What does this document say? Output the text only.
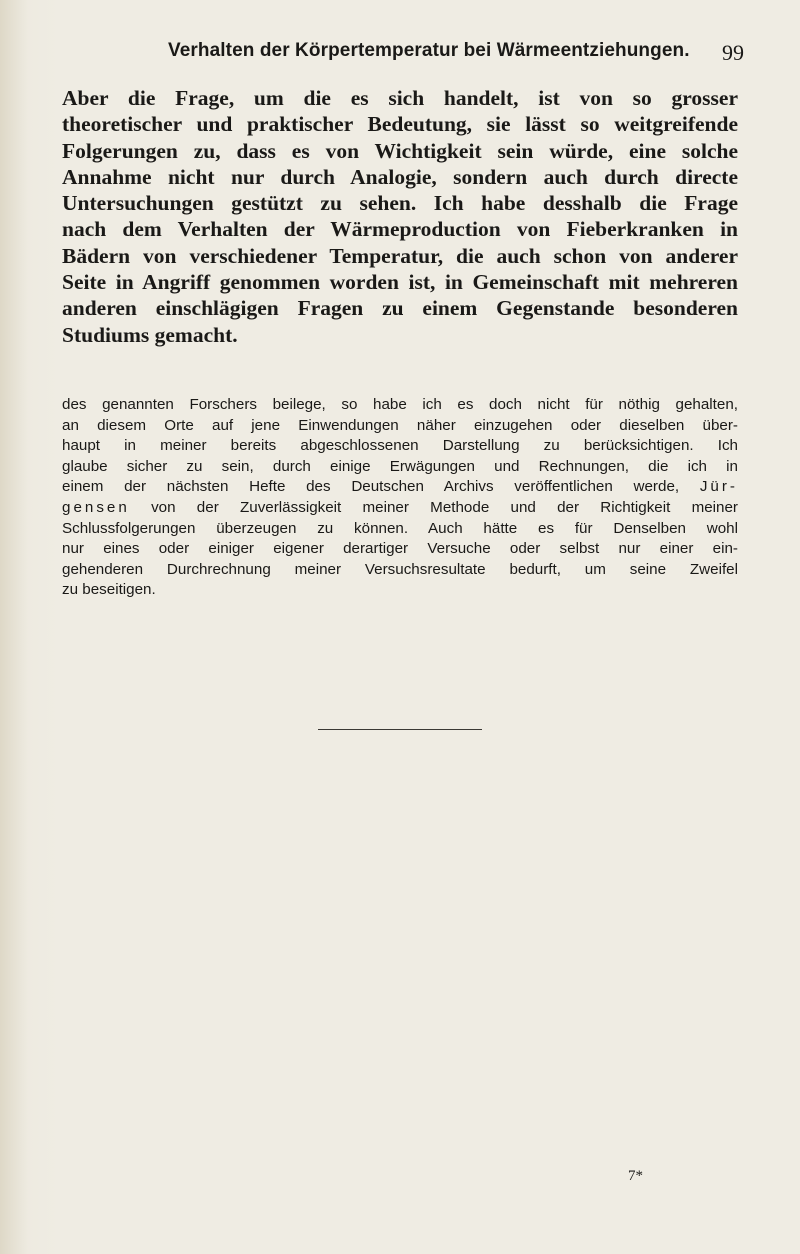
Verhalten der Körpertemperatur bei Wärmeentziehungen. 99
Aber die Frage, um die es sich handelt, ist von so grosser
theoretischer und praktischer Bedeutung, sie lässt so weitgreifende
Folgerungen zu, dass es von Wichtigkeit sein würde, eine solche
Annahme nicht nur durch Analogie, sondern auch durch directe
Untersuchungen gestützt zu sehen. Ich habe desshalb die Frage
nach dem Verhalten der Wärmeproduction von Fieberkranken in
Bädern von verschiedener Temperatur, die auch schon von anderer
Seite in Angriff genommen worden ist, in Gemeinschaft mit mehreren
anderen einschlägigen Fragen zu einem Gegenstande besonderen
Studiums gemacht.
des genannten Forschers beilege, so habe ich es doch nicht für nöthig gehalten,
an diesem Orte auf jene Einwendungen näher einzugehen oder dieselben über-
haupt in meiner bereits abgeschlossenen Darstellung zu berücksichtigen. Ich
glaube sicher zu sein, durch einige Erwägungen und Rechnungen, die ich in
einem der nächsten Hefte des Deutschen Archivs veröffentlichen werde, Jür-
gensen von der Zuverlässigkeit meiner Methode und der Richtigkeit meiner
Schlussfolgerungen überzeugen zu können. Auch hätte es für Denselben wohl
nur eines oder einiger eigener derartiger Versuche oder selbst nur einer ein-
gehenderen Durchrechnung meiner Versuchsresultate bedurft, um seine Zweifel
zu beseitigen.
7*
